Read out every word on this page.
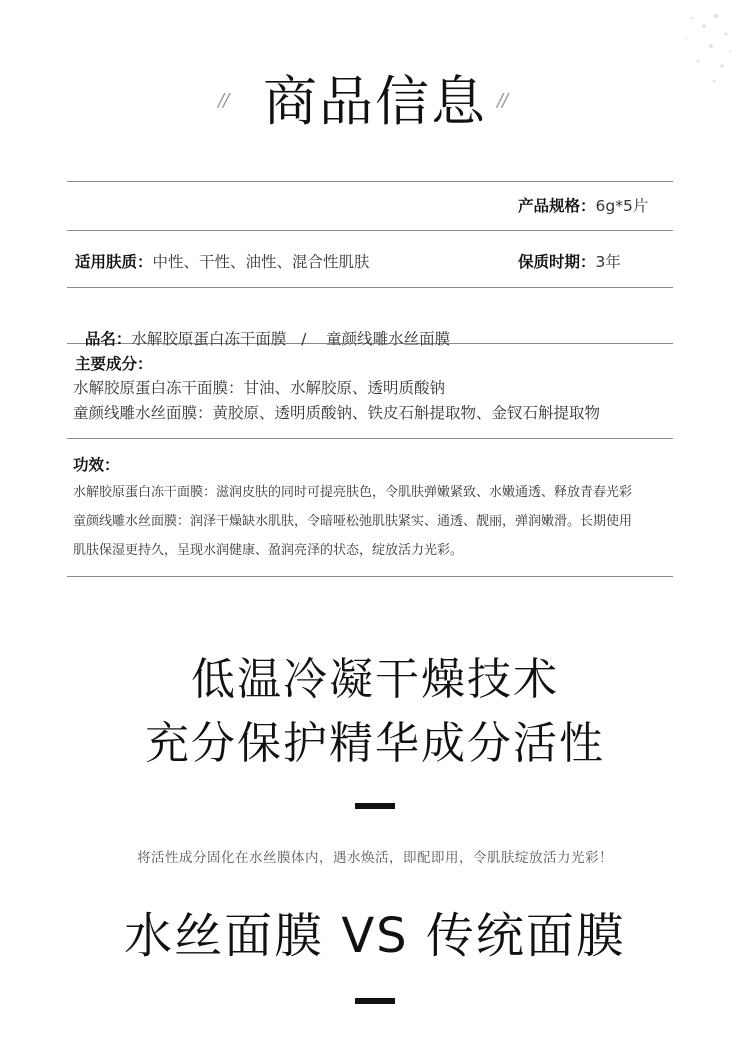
// 商品信息 //
产品规格：6g*5片
适用肤质：中性、干性、油性、混合性肌肤	保质时期：3年

品名：水解胶原蛋白冻干面膜   /    童颜线雕水丝面膜

主要成分：
水解胶原蛋白冻干面膜：甘油、水解胶原、透明质酸钠
童颜线雕水丝面膜：黄胶原、透明质酸钠、铁皮石斛提取物、金钗石斛提取物
功效：
水解胶原蛋白冻干面膜：滋润皮肤的同时可提亮肤色，令肌肤弹嫩紧致、水嫩通透、释放青春光彩
童颜线雕水丝面膜：润泽干燥缺水肌肤，令暗哑松弛肌肤紧实、通透、靓丽，弹润嫩滑。长期使用
肌肤保湿更持久，呈现水润健康、盈润亮泽的状态，绽放活力光彩。
低温冷凝干燥技术
充分保护精华成分活性
将活性成分固化在水丝膜体内，遇水焕活，即配即用，令肌肤绽放活力光彩！
水丝面膜 VS 传统面膜
